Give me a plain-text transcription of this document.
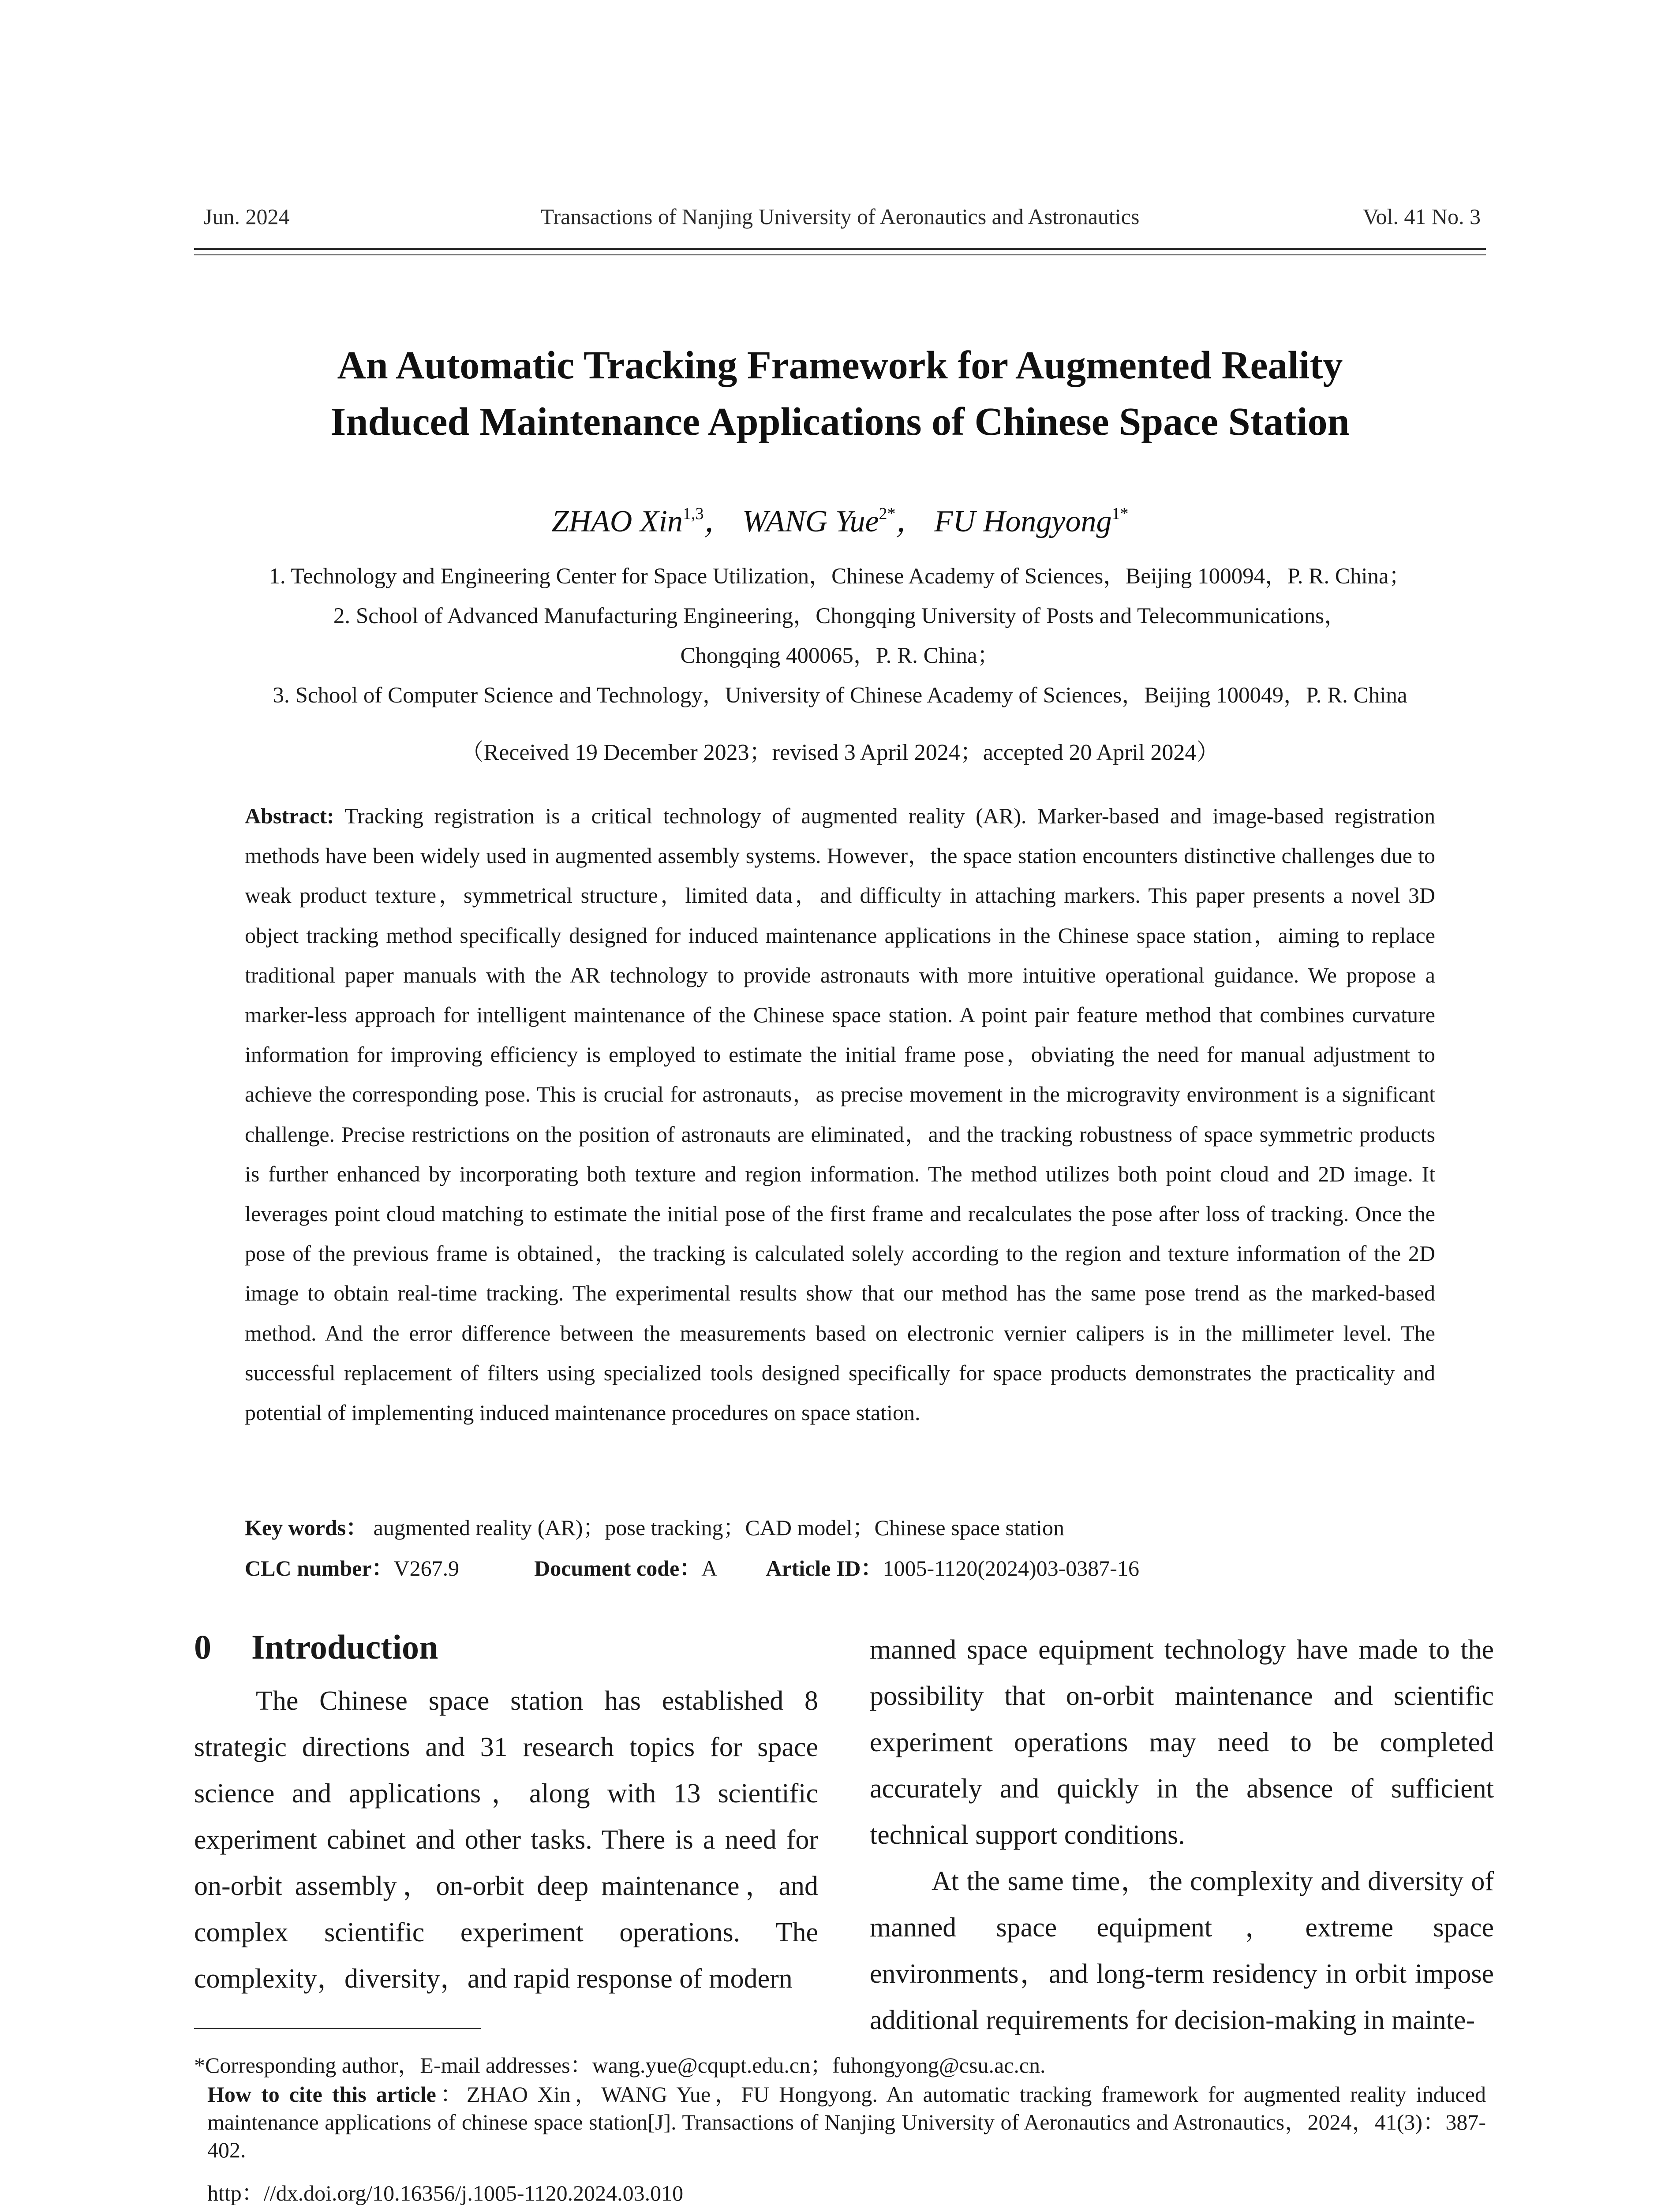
Jun. 2024	Transactions of Nanjing University of Aeronautics and Astronautics	Vol. 41 No. 3
An Automatic Tracking Framework for Augmented Reality
Induced Maintenance Applications of Chinese Space Station
ZHAO Xin$^{1,3}$， WANG Yue$^{2*}$， FU Hongyong$^{1*}$
1. Technology and Engineering Center for Space Utilization，Chinese Academy of Sciences，Beijing 100094，P. R. China；
2. School of Advanced Manufacturing Engineering，Chongqing University of Posts and Telecommunications，
Chongqing 400065，P. R. China；
3. School of Computer Science and Technology，University of Chinese Academy of Sciences，Beijing 100049，P. R. China
（Received 19 December 2023；revised 3 April 2024；accepted 20 April 2024）
Abstract: Tracking registration is a critical technology of augmented reality (AR). Marker-based and image-based registration methods have been widely used in augmented assembly systems. However，the space station encounters distinctive challenges due to weak product texture，symmetrical structure，limited data，and difficulty in attaching markers. This paper presents a novel 3D object tracking method specifically designed for induced maintenance applications in the Chinese space station，aiming to replace traditional paper manuals with the AR technology to provide astronauts with more intuitive operational guidance. We propose a marker-less approach for intelligent maintenance of the Chinese space station. A point pair feature method that combines curvature information for improving efficiency is employed to estimate the initial frame pose，obviating the need for manual adjustment to achieve the corresponding pose. This is crucial for astronauts，as precise movement in the microgravity environment is a significant challenge. Precise restrictions on the position of astronauts are eliminated，and the tracking robustness of space symmetric products is further enhanced by incorporating both texture and region information. The method utilizes both point cloud and 2D image. It leverages point cloud matching to estimate the initial pose of the first frame and recalculates the pose after loss of tracking. Once the pose of the previous frame is obtained，the tracking is calculated solely according to the region and texture information of the 2D image to obtain real-time tracking. The experimental results show that our method has the same pose trend as the marked-based method. And the error difference between the measurements based on electronic vernier calipers is in the millimeter level. The successful replacement of filters using specialized tools designed specifically for space products demonstrates the practicality and potential of implementing induced maintenance procedures on space station.
Key words： augmented reality (AR)；pose tracking；CAD model；Chinese space station
CLC number：V267.9	Document code：A Article ID：1005-1120(2024)03-0387-16
0 Introduction

The Chinese space station has established 8 strategic directions and 31 research topics for space science and applications，along with 13 scientific experiment cabinet and other tasks. There is a need for on-orbit assembly，on-orbit deep maintenance，and complex scientific experiment operations. The complexity，diversity，and rapid response of modern

manned space equipment technology have made to the possibility that on-orbit maintenance and scientific experiment operations may need to be completed accurately and quickly in the absence of sufficient technical support conditions.

At the same time，the complexity and diversity of manned space equipment，extreme space environments，and long-term residency in orbit impose additional requirements for decision-making in mainte-

*Corresponding author，E-mail addresses：wang.yue@cqupt.edu.cn；fuhongyong@csu.ac.cn.
How to cite this article：ZHAO Xin，WANG Yue，FU Hongyong. An automatic tracking framework for augmented reality induced maintenance applications of chinese space station[J]. Transactions of Nanjing University of Aeronautics and Astronautics，2024，41(3)：387-402.
http：//dx.doi.org/10.16356/j.1005-1120.2024.03.010
